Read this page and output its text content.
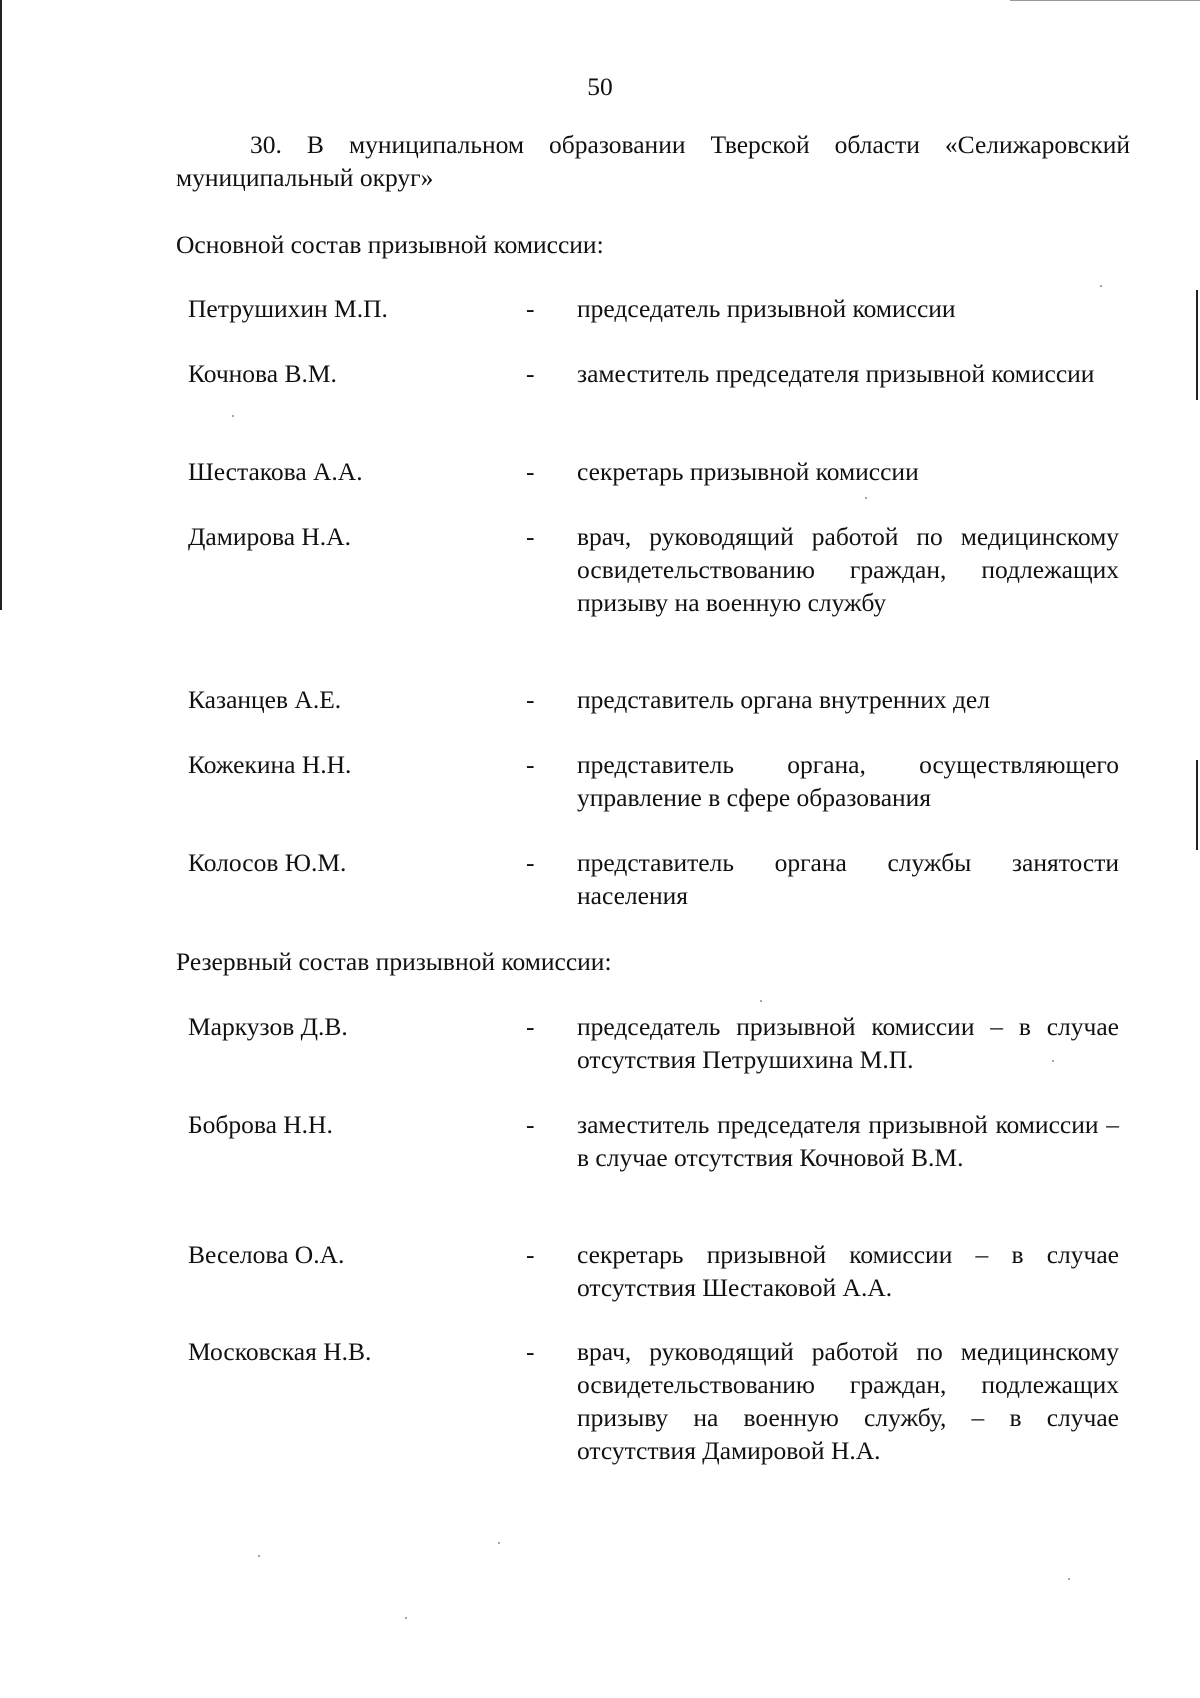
50
30. В муниципальном образовании Тверской области «Селижаровский муниципальный округ»
Основной состав призывной комиссии:
Петрушихин М.П.	- председатель призывной комиссии
Кочнова В.М.	- заместитель председателя призывной комиссии
Шестакова А.А.	- секретарь призывной комиссии
Дамирова Н.А.	- врач, руководящий работой по медицинскому освидетельствованию граждан, подлежащих призыву на военную службу
Казанцев А.Е.	- представитель органа внутренних дел
Кожекина Н.Н.	- представитель органа, осуществляющего управление в сфере образования
Колосов Ю.М.	- представитель органа службы занятости населения
Резервный состав призывной комиссии:
Маркузов Д.В.	- председатель призывной комиссии – в случае отсутствия Петрушихина М.П.
Боброва Н.Н.	- заместитель председателя призывной комиссии – в случае отсутствия Кочновой В.М.
Веселова О.А.	- секретарь призывной комиссии – в случае отсутствия Шестаковой А.А.
Московская Н.В.	- врач, руководящий работой по медицинскому освидетельствованию граждан, подлежащих призыву на военную службу, – в случае отсутствия Дамировой Н.А.
